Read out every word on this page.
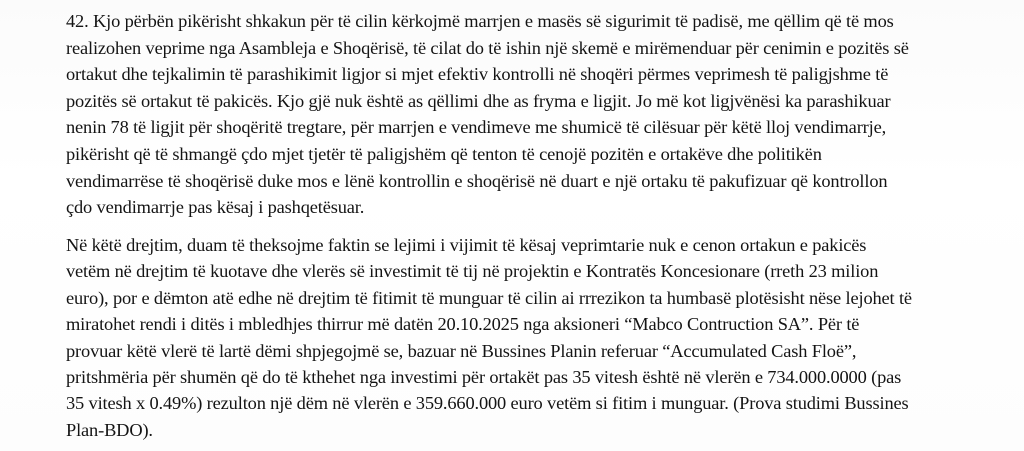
42. Kjo përbën pikërisht shkakun për të cilin kërkojmë marrjen e masës së sigurimit të padisë, me qëllim që të mos
realizohen veprime nga Asambleja e Shoqërisë, të cilat do të ishin një skemë e mirëmenduar për cenimin e pozitës së
ortakut dhe tejkalimin të parashikimit ligjor si mjet efektiv kontrolli në shoqëri përmes veprimesh të paligjshme të
pozitës së ortakut të pakicës. Kjo gjë nuk është as qëllimi dhe as fryma e ligjit. Jo më kot ligjvënësi ka parashikuar
nenin 78 të ligjit për shoqëritë tregtare, për marrjen e vendimeve me shumicë të cilësuar për këtë lloj vendimarrje,
pikërisht që të shmangë çdo mjet tjetër të paligjshëm që tenton të cenojë pozitën e ortakëve dhe politikën
vendimarrëse të shoqërisë duke mos e lënë kontrollin e shoqërisë në duart e një ortaku të pakufizuar që kontrollon
çdo vendimarrje pas kësaj i pashqetësuar.
Në këtë drejtim, duam të theksojme faktin se lejimi i vijimit të kësaj veprimtarie nuk e cenon ortakun e pakicës
vetëm në drejtim të kuotave dhe vlerës së investimit të tij në projektin e Kontratës Koncesionare (rreth 23 milion
euro), por e dëmton atë edhe në drejtim të fitimit të munguar të cilin ai rrrezikon ta humbasë plotësisht nëse lejohet të
miratohet rendi i ditës i mbledhjes thirrur më datën 20.10.2025 nga aksioneri “Mabco Contruction SA”. Për të
provuar këtë vlerë të lartë dëmi shpjegojmë se, bazuar në Bussines Planin referuar “Accumulated Cash Floë”,
pritshmëria për shumën që do të kthehet nga investimi për ortakët pas 35 vitesh është në vlerën e 734.000.0000 (pas
35 vitesh x 0.49%) rezulton një dëm në vlerën e 359.660.000 euro vetëm si fitim i munguar. (Prova studimi Bussines
Plan-BDO).
